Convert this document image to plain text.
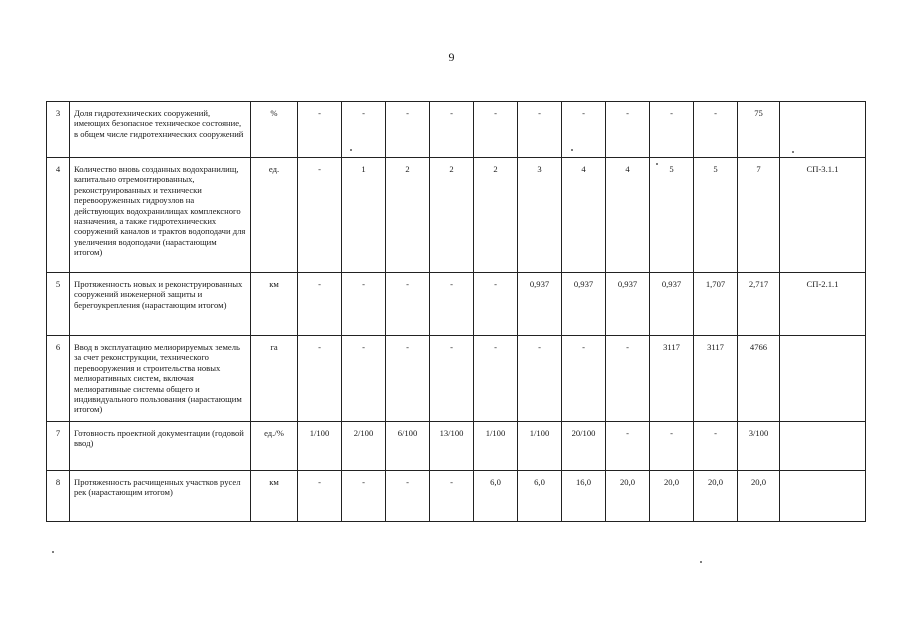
9
3	Доля гидротехнических сооружений, имеющих безопасное техническое состояние, в общем числе гидротехнических сооружений	%	-	-	-	-	-	-	-	-	-	-	75	
4	Количество вновь созданных водохранилищ, капитально отремонтированных, реконструированных и технически перевооруженных гидроузлов на действующих водохранилищах комплексного назначения, а также гидротехнических сооружений каналов и трактов водоподачи для увеличения водоподачи (нарастающим итогом)	ед.	-	1	2	2	2	3	4	4	5	5	7	СП-3.1.1
5	Протяженность новых и реконструированных сооружений инженерной защиты и берегоукрепления (нарастающим итогом)	км	-	-	-	-	-	0,937	0,937	0,937	0,937	1,707	2,717	СП-2.1.1
6	Ввод в эксплуатацию мелиорируемых земель за счет реконструкции, технического перевооружения и строительства новых мелиоративных систем, включая мелиоративные системы общего и индивидуального пользования (нарастающим итогом)	га	-	-	-	-	-	-	-	-	3117	3117	4766	
7	Готовность проектной документации (годовой ввод)	ед./%	1/100	2/100	6/100	13/100	1/100	1/100	20/100	-	-	-	3/100	
8	Протяженность расчищенных участков русел рек (нарастающим итогом)	км	-	-	-	-	6,0	6,0	16,0	20,0	20,0	20,0	20,0	
